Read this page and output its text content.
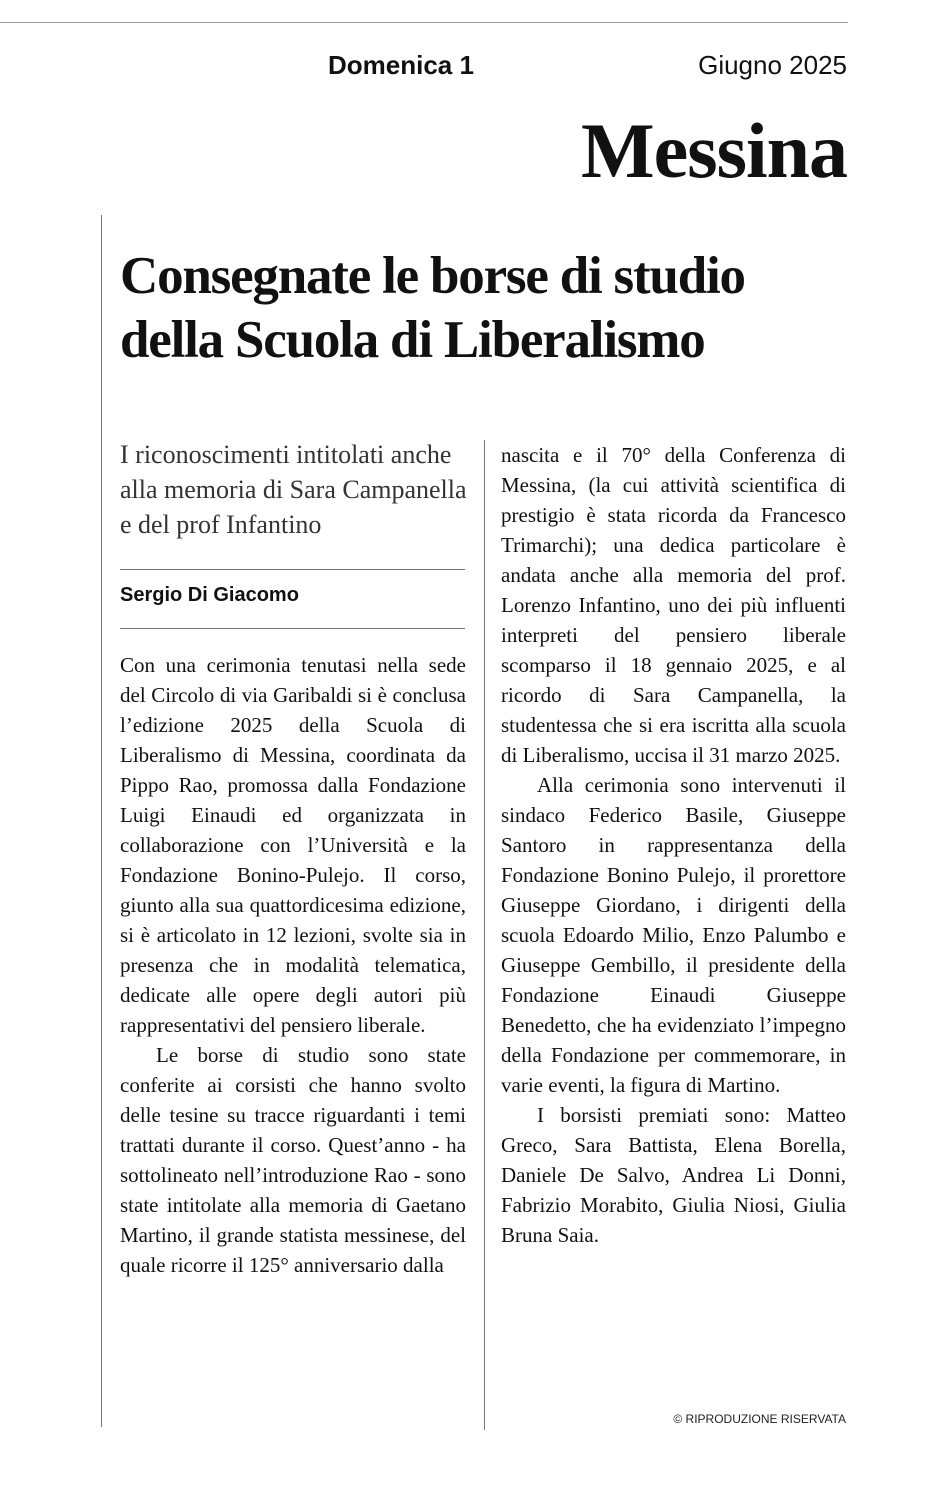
Domenica 1	Giugno 2025
Messina
Consegnate le borse di studio
della Scuola di Liberalismo
I riconoscimenti intitolati anche alla memoria di Sara Campanella e del prof Infantino
Sergio Di Giacomo

Con una cerimonia tenutasi nella sede del Circolo di via Garibaldi si è conclusa l’edizione 2025 della Scuola di Liberalismo di Messina, coordinata da Pippo Rao, promossa dalla Fondazione Luigi Einaudi ed organizzata in collaborazione con l’Università e la Fondazione Bonino-Pulejo. Il corso, giunto alla sua quattordicesima edizione, si è articolato in 12 lezioni, svolte sia in presenza che in modalità telematica, dedicate alle opere degli autori più rappresentativi del pensiero liberale.

Le borse di studio sono state conferite ai corsisti che hanno svolto delle tesine su tracce riguardanti i temi trattati durante il corso. Quest’anno - ha sottolineato nell’introduzione Rao - sono state intitolate alla memoria di Gaetano Martino, il grande statista messinese, del quale ricorre il 125° anniversario dalla

nascita e il 70° della Conferenza di Messina, (la cui attività scientifica di prestigio è stata ricorda da Francesco Trimarchi); una dedica particolare è andata anche alla memoria del prof. Lorenzo Infantino, uno dei più influenti interpreti del pensiero liberale scomparso il 18 gennaio 2025, e al ricordo di Sara Campanella, la studentessa che si era iscritta alla scuola di Liberalismo, uccisa il 31 marzo 2025.

Alla cerimonia sono intervenuti il sindaco Federico Basile, Giuseppe Santoro in rappresentanza della Fondazione Bonino Pulejo, il prorettore Giuseppe Giordano, i dirigenti della scuola Edoardo Milio, Enzo Palumbo e Giuseppe Gembillo, il presidente della Fondazione Einaudi Giuseppe Benedetto, che ha evidenziato l’impegno della Fondazione per commemorare, in varie eventi, la figura di Martino.

I borsisti premiati sono: Matteo Greco, Sara Battista, Elena Borella, Daniele De Salvo, Andrea Li Donni, Fabrizio Morabito, Giulia Niosi, Giulia Bruna Saia.

© RIPRODUZIONE RISERVATA
